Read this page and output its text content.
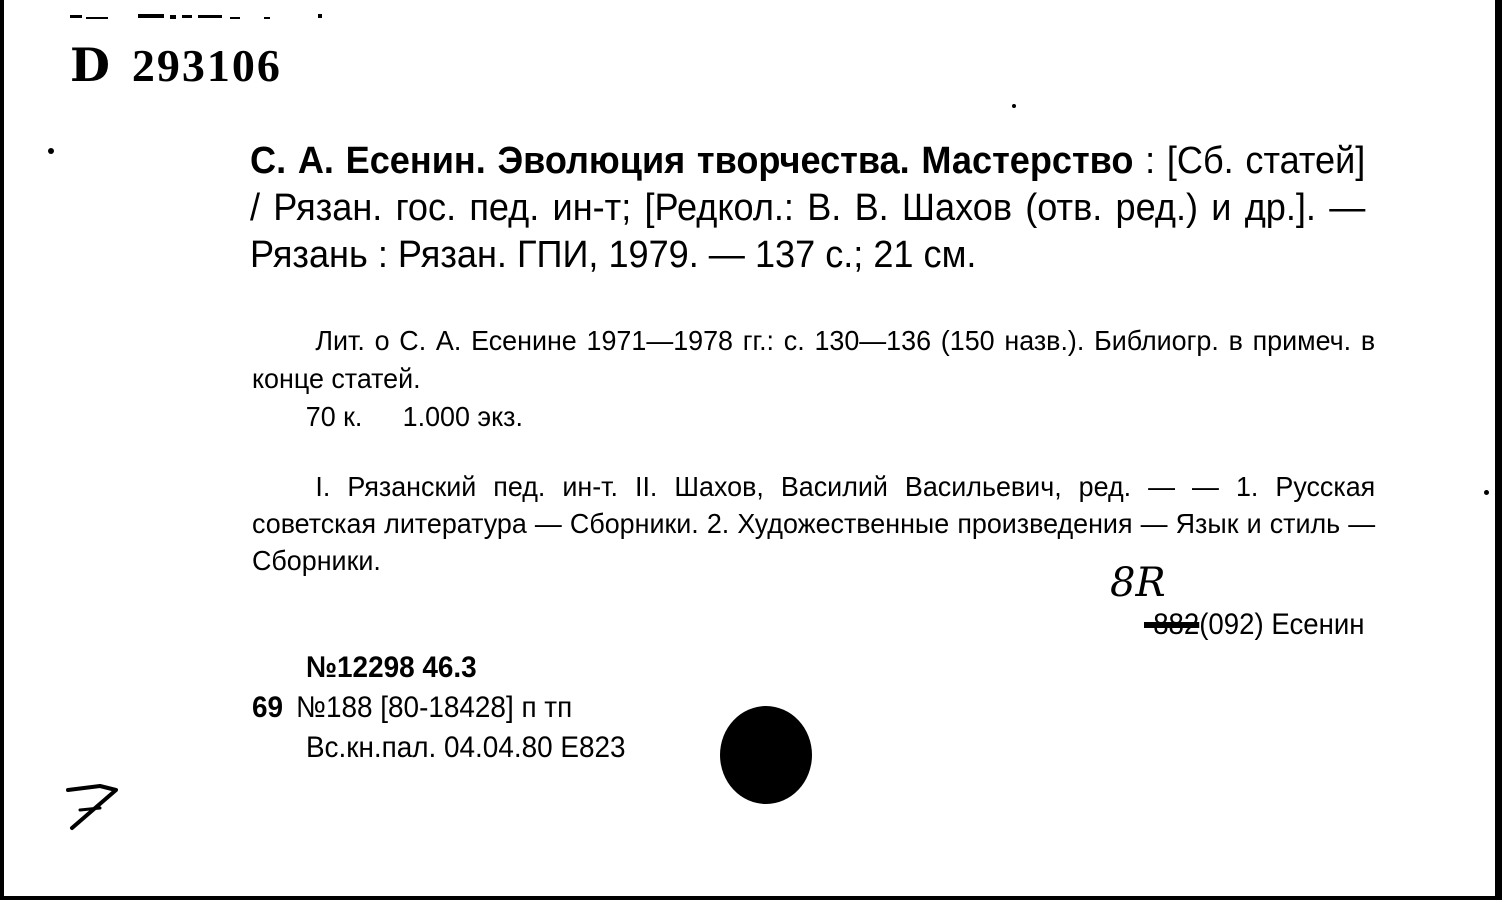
D 293106

С. А. Есенин. Эволюция творчества. Мастерство : [Сб. статей] / Рязан. гос. пед. ин-т; [Редкол.: В. В. Шахов (отв. ред.) и др.]. — Рязань : Рязан. ГПИ, 1979. — 137 с.; 21 см.

Лит. о С. А. Есенине 1971—1978 гг.: с. 130—136 (150 назв.). Библиогр. в примеч. в конце статей.

70 к. 1.000 экз.

I. Рязанский пед. ин-т. II. Шахов, Василий Васильевич, ред. — — 1. Русская советская литература — Сборники. 2. Художественные произведения — Язык и стиль — Сборники.	8R
-882(092) Есенин
№12298 46.3
69 №188 [80-18428] п тп
Вс.кн.пал. 04.04.80 Е823
